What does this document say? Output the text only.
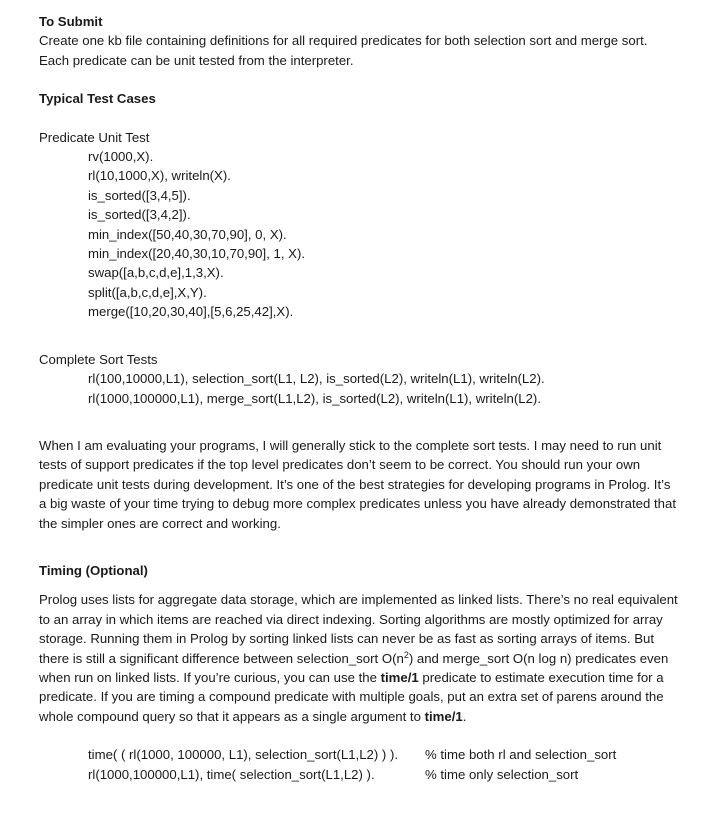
To Submit

Create one kb file containing definitions for all required predicates for both selection sort and merge sort. Each predicate can be unit tested from the interpreter.

Typical Test Cases

Predicate Unit Test

rv(1000,X).
rl(10,1000,X), writeln(X).
is_sorted([3,4,5]).
is_sorted([3,4,2]).
min_index([50,40,30,70,90], 0, X).
min_index([20,40,30,10,70,90], 1, X).
swap([a,b,c,d,e],1,3,X).
split([a,b,c,d,e],X,Y).
merge([10,20,30,40],[5,6,25,42],X).

Complete Sort Tests

rl(100,10000,L1), selection_sort(L1, L2), is_sorted(L2), writeln(L1), writeln(L2).
rl(1000,100000,L1), merge_sort(L1,L2), is_sorted(L2), writeln(L1), writeln(L2).

When I am evaluating your programs, I will generally stick to the complete sort tests. I may need to run unit tests of support predicates if the top level predicates don’t seem to be correct. You should run your own predicate unit tests during development. It’s one of the best strategies for developing programs in Prolog. It’s a big waste of your time trying to debug more complex predicates unless you have already demonstrated that the simpler ones are correct and working.

Timing (Optional)

Prolog uses lists for aggregate data storage, which are implemented as linked lists. There’s no real equivalent to an array in which items are reached via direct indexing. Sorting algorithms are mostly optimized for array storage. Running them in Prolog by sorting linked lists can never be as fast as sorting arrays of items. But there is still a significant difference between selection_sort $O(n^2)$ and merge_sort O(n log n) predicates even when run on linked lists. If you’re curious, you can use the time/1 predicate to estimate execution time for a predicate. If you are timing a compound predicate with multiple goals, put an extra set of parens around the whole compound query so that it appears as a single argument to time/1.

time( ( rl(1000, 100000, L1), selection_sort(L1,L2) ) ).	% time both rl and selection_sort
rl(1000,100000,L1), time( selection_sort(L1,L2) ).	% time only selection_sort
